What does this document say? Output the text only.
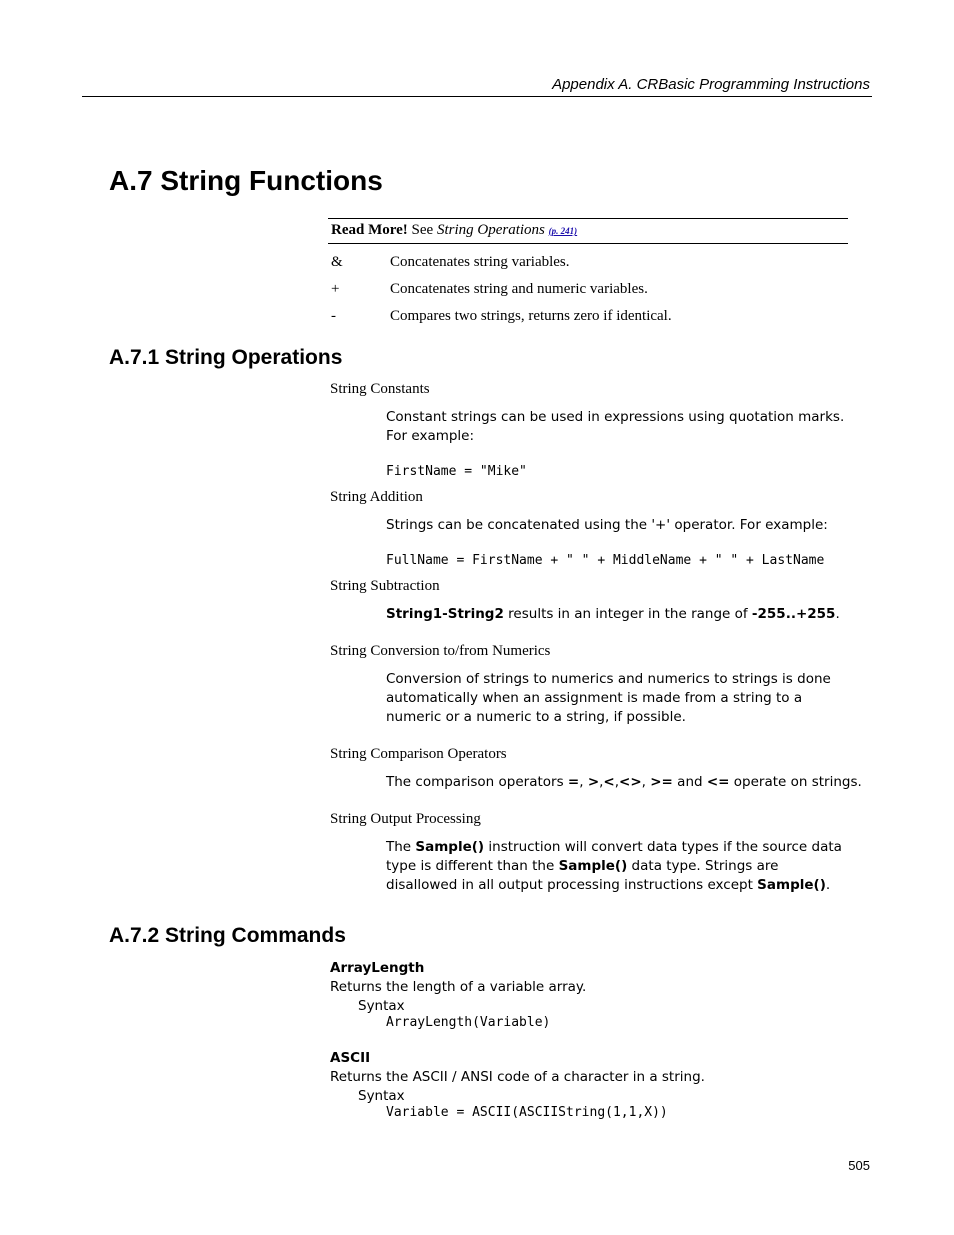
Appendix A. CRBasic Programming Instructions
A.7 String Functions
Read More! See String Operations (p. 241)
&	Concatenates string variables.
+	Concatenates string and numeric variables.
-	Compares two strings, returns zero if identical.
A.7.1 String Operations
String Constants
Constant strings can be used in expressions using quotation marks. For example:
FirstName = "Mike"
String Addition
Strings can be concatenated using the '+' operator. For example:
FullName = FirstName + " " + MiddleName + " " + LastName
String Subtraction
String1-String2 results in an integer in the range of -255..+255.
String Conversion to/from Numerics
Conversion of strings to numerics and numerics to strings is done automatically when an assignment is made from a string to a numeric or a numeric to a string, if possible.
String Comparison Operators
The comparison operators =, >,<,<>, >= and <= operate on strings.
String Output Processing
The Sample() instruction will convert data types if the source data type is different than the Sample() data type. Strings are disallowed in all output processing instructions except Sample().
A.7.2 String Commands
ArrayLength
Returns the length of a variable array.
Syntax
ArrayLength(Variable)
ASCII
Returns the ASCII / ANSI code of a character in a string.
Syntax
Variable = ASCII(ASCIIString(1,1,X))
505
